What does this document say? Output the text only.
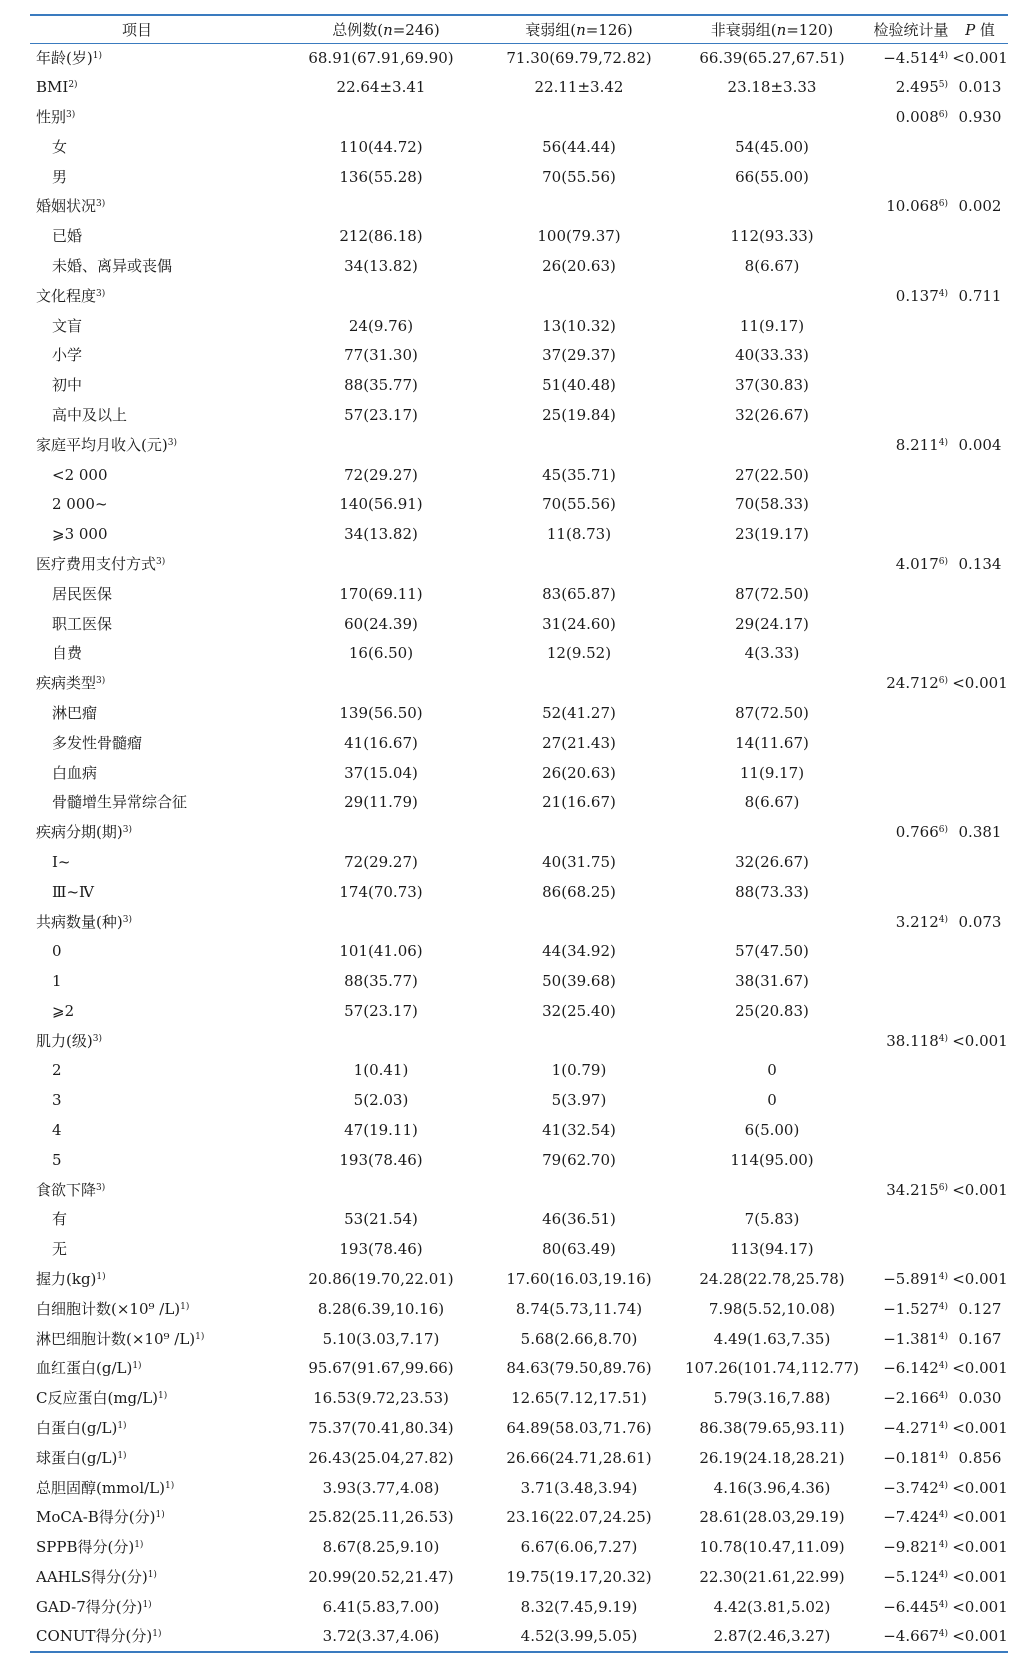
项目	总例数(n=246)	衰弱组(n=126)	非衰弱组(n=120)	检验统计量	P 值
年龄(岁)$^{1)}$	68.91(67.91,69.90)	71.30(69.79,72.82)	66.39(65.27,67.51)	$-4.514^{4)}$	<0.001
BMI$^{2)}$	22.64±3.41	22.11±3.42	23.18±3.33	2.495$^{5)}$	0.013
性别$^{3)}$				0.008$^{6)}$	0.930
女	110(44.72)	56(44.44)	54(45.00)		
男	136(55.28)	70(55.56)	66(55.00)		
婚姻状况$^{3)}$				10.068$^{6)}$	0.002
已婚	212(86.18)	100(79.37)	112(93.33)		
未婚、离异或丧偶	34(13.82)	26(20.63)	8(6.67)		
文化程度$^{3)}$				0.137$^{4)}$	0.711
文盲	24(9.76)	13(10.32)	11(9.17)		
小学	77(31.30)	37(29.37)	40(33.33)		
初中	88(35.77)	51(40.48)	37(30.83)		
高中及以上	57(23.17)	25(19.84)	32(26.67)		
家庭平均月收入(元)$^{3)}$				8.211$^{4)}$	0.004
<2 000	72(29.27)	45(35.71)	27(22.50)		
2 000~	140(56.91)	70(55.56)	70(58.33)		
⩾3 000	34(13.82)	11(8.73)	23(19.17)		
医疗费用支付方式$^{3)}$				4.017$^{6)}$	0.134
居民医保	170(69.11)	83(65.87)	87(72.50)		
职工医保	60(24.39)	31(24.60)	29(24.17)		
自费	16(6.50)	12(9.52)	4(3.33)		
疾病类型$^{3)}$				$24.712^{6)}$	<0.001
淋巴瘤	139(56.50)	52(41.27)	87(72.50)		
多发性骨髓瘤	41(16.67)	27(21.43)	14(11.67)		
白血病	37(15.04)	26(20.63)	11(9.17)		
骨髓增生异常综合征	29(11.79)	21(16.67)	8(6.67)		
疾病分期(期)$^{3)}$				0.766$^{6)}$	0.381
Ⅰ~	72(29.27)	40(31.75)	32(26.67)		
Ⅲ~Ⅳ	174(70.73)	86(68.25)	88(73.33)		
共病数量(种)$^{3)}$				3.212$^{4)}$	0.073
0	101(41.06)	44(34.92)	57(47.50)		
1	88(35.77)	50(39.68)	38(31.67)		
⩾2	57(23.17)	32(25.40)	25(20.83)		
肌力(级)$^{3)}$				$38.118^{4)}$	<0.001
2	1(0.41)	1(0.79)	0		
3	5(2.03)	5(3.97)	0		
4	47(19.11)	41(32.54)	6(5.00)		
5	193(78.46)	79(62.70)	114(95.00)		
食欲下降$^{3)}$				$34.215^{6)}$	<0.001
有	53(21.54)	46(36.51)	7(5.83)		
无	193(78.46)	80(63.49)	113(94.17)		
握力(kg)$^{1)}$	20.86(19.70,22.01)	17.60(16.03,19.16)	24.28(22.78,25.78)	$-5.891^{4)}$	<0.001
白细胞计数(×10⁹ /L)$^{1)}$	8.28(6.39,10.16)	8.74(5.73,11.74)	7.98(5.52,10.08)	$-1.527^{4)}$	0.127
淋巴细胞计数(×10⁹ /L)$^{1)}$	5.10(3.03,7.17)	5.68(2.66,8.70)	4.49(1.63,7.35)	$-1.381^{4)}$	0.167
血红蛋白$(g/L)^{1)}$	95.67(91.67,99.66)	84.63(79.50,89.76)	107.26(101.74,112.77)	$-6.142^{4)}$	<0.001
C反应蛋白$(mg/L)^{1)}$	16.53(9.72,23.53)	12.65(7.12,17.51)	5.79(3.16,7.88)	$-2.166^{4)}$	0.030
白蛋白$(g/L)^{1)}$	75.37(70.41,80.34)	64.89(58.03,71.76)	86.38(79.65,93.11)	$-4.271^{4)}$	<0.001
球蛋白$(g/L)^{1)}$	26.43(25.04,27.82)	26.66(24.71,28.61)	26.19(24.18,28.21)	$-0.181^{4)}$	0.856
总胆固醇(mmol/L)$^{1)}$	3.93(3.77,4.08)	3.71(3.48,3.94)	4.16(3.96,4.36)	$-3.742^{4)}$	<0.001
MoCA-B得分(分)$^{1)}$	25.82(25.11,26.53)	23.16(22.07,24.25)	28.61(28.03,29.19)	$-7.424^{4)}$	<0.001
SPPB得分(分)$^{1)}$	8.67(8.25,9.10)	6.67(6.06,7.27)	10.78(10.47,11.09)	$-9.821^{4)}$	<0.001
AAHLS得分(分)$^{1)}$	20.99(20.52,21.47)	19.75(19.17,20.32)	22.30(21.61,22.99)	$-5.124^{4)}$	<0.001
GAD-7得分(分)$^{1)}$	6.41(5.83,7.00)	8.32(7.45,9.19)	4.42(3.81,5.02)	$-6.445^{4)}$	<0.001
CONUT得分(分)$^{1)}$	3.72(3.37,4.06)	4.52(3.99,5.05)	2.87(2.46,3.27)	$-4.667^{4)}$	<0.001
